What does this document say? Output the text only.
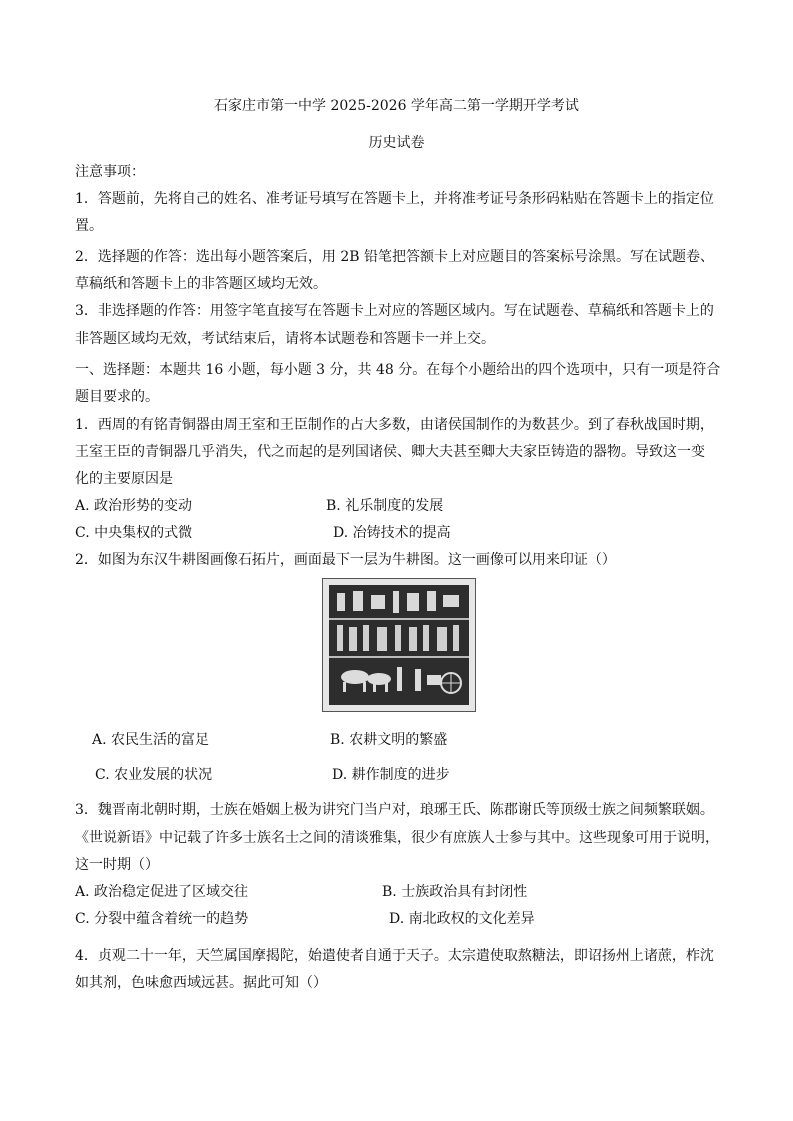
石家庄市第一中学 2025-2026 学年高二第一学期开学考试
历史试卷
注意事项：
1．答题前，先将自己的姓名、准考证号填写在答题卡上，并将准考证号条形码粘贴在答题卡上的指定位
置。
2．选择题的作答：选出每小题答案后，用 2B 铅笔把答额卡上对应题目的答案标号涂黑。写在试题卷、
草稿纸和答题卡上的非答题区域均无效。
3．非选择题的作答：用签字笔直接写在答题卡上对应的答题区域内。写在试题卷、草稿纸和答题卡上的
非答题区域均无效，考试结束后，请将本试题卷和答题卡一并上交。
一、选择题：本题共 16 小题，每小题 3 分，共 48 分。在每个小题给出的四个选项中，只有一项是符合
题目要求的。
1．西周的有铭青铜器由周王室和王臣制作的占大多数，由诸侯国制作的为数甚少。到了春秋战国时期，
王室王臣的青铜器几乎消失，代之而起的是列国诸侯、卿大夫甚至卿大夫家臣铸造的器物。导致这一变
化的主要原因是
A. 政治形势的变动	B. 礼乐制度的发展
C. 中央集权的式微	D. 冶铸技术的提高
2．如图为东汉牛耕图画像石拓片，画面最下一层为牛耕图。这一画像可以用来印证（）
A. 农民生活的富足	B. 农耕文明的繁盛
C. 农业发展的状况	D. 耕作制度的进步
3．魏晋南北朝时期，士族在婚姻上极为讲究门当户对，琅琊王氏、陈郡谢氏等顶级士族之间频繁联姻。
《世说新语》中记载了许多士族名士之间的清谈雅集，很少有庶族人士参与其中。这些现象可用于说明，
这一时期（）
A. 政治稳定促进了区域交往	B. 士族政治具有封闭性
C. 分裂中蕴含着统一的趋势	D. 南北政权的文化差异
4．贞观二十一年，天竺属国摩揭陀，始遣使者自通于天子。太宗遣使取熬糖法，即诏扬州上诸蔗，柞沈
如其剂，色味愈西域远甚。据此可知（）
